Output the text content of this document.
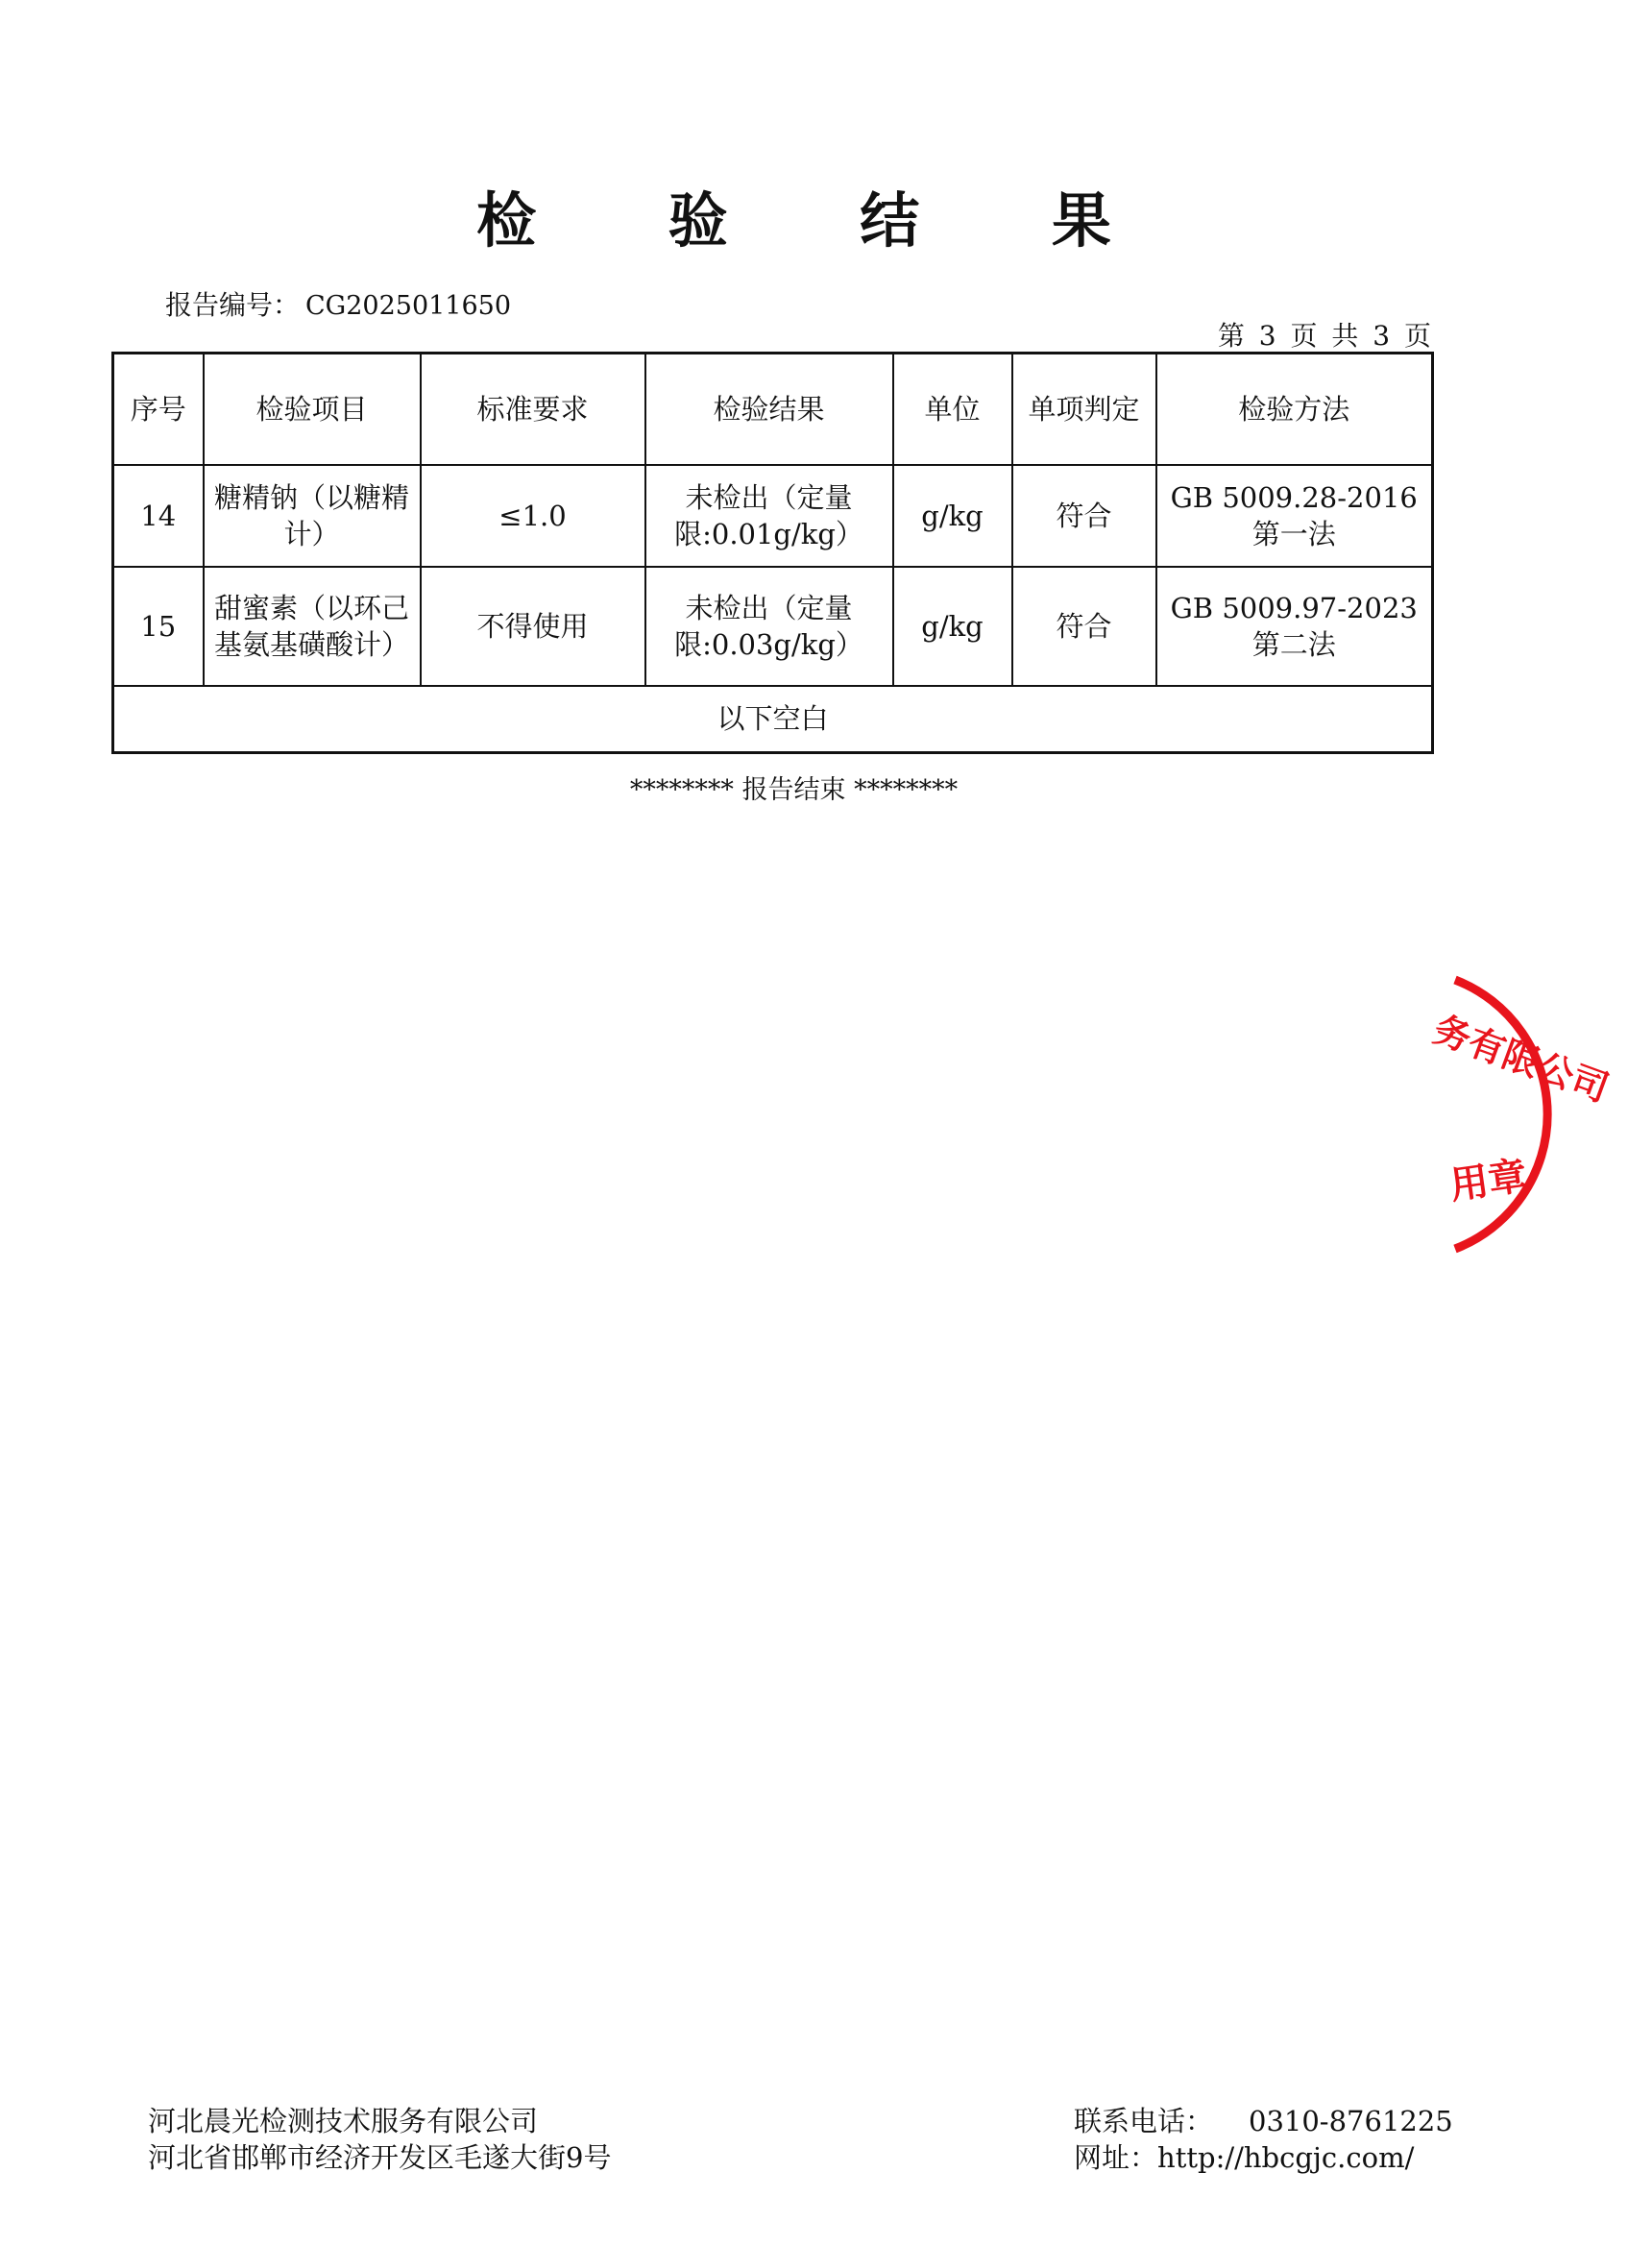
检 验 结 果
报告编号： CG2025011650
第 3 页 共 3 页
序号	检验项目	标准要求	检验结果	单位	单项判定	检验方法
14	糖精钠（以糖精计）	≤1.0	未检出（定量限:0.01g/kg）	g/kg	符合	GB 5009.28-2016 第一法
15	甜蜜素（以环己基氨基磺酸计）	不得使用	未检出（定量限:0.03g/kg）	g/kg	符合	GB 5009.97-2023 第二法
以下空白						
******** 报告结束 ********
务有限公司
用章
河北晨光检测技术服务有限公司
河北省邯郸市经济开发区毛遂大街9号
联系电话： 0310-8761225
网址：http://hbcgjc.com/
